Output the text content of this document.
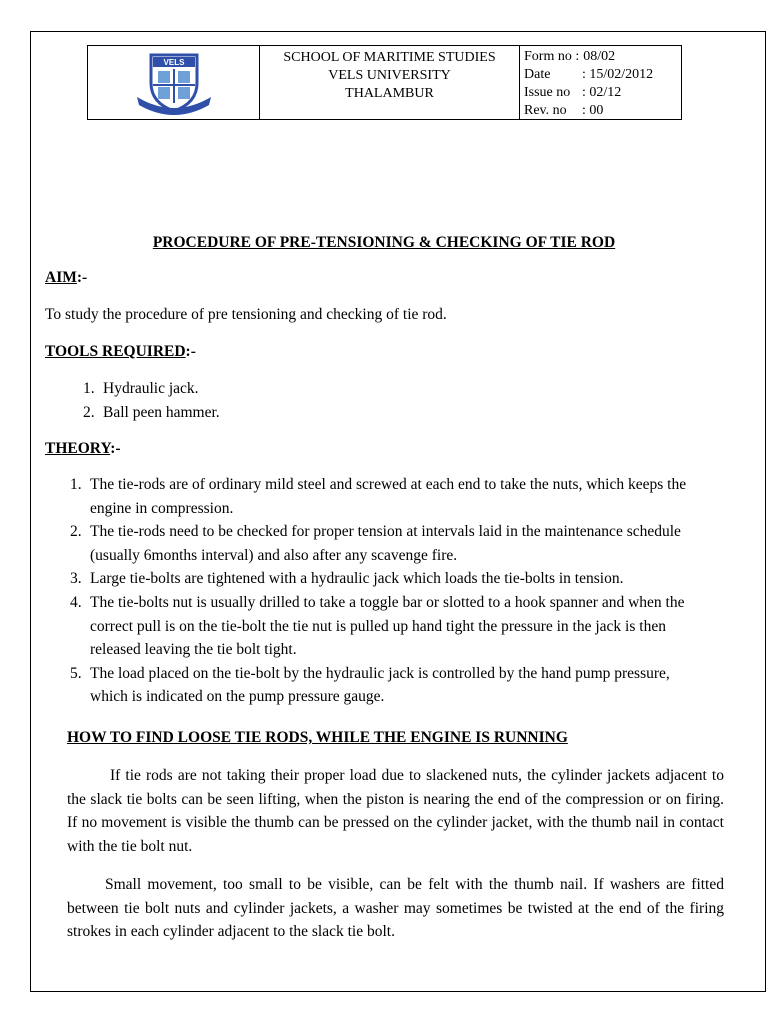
VELS	SCHOOL OF MARITIME STUDIES
VELS UNIVERSITY
THALAMBUR
Form no : 08/02
Date	: 15/02/2012
Issue no : 02/12
Rev. no	: 00
PROCEDURE OF PRE-TENSIONING & CHECKING OF TIE ROD
AIM:-
To study the procedure of pre tensioning and checking of tie rod.
TOOLS REQUIRED:-
1. Hydraulic jack.
2. Ball peen hammer.
THEORY:-
1. The tie-rods are of ordinary mild steel and screwed at each end to take the nuts, which keeps the engine in compression.
2. The tie-rods need to be checked for proper tension at intervals laid in the maintenance schedule (usually 6months interval) and also after any scavenge fire.
3. Large tie-bolts are tightened with a hydraulic jack which loads the tie-bolts in tension.
4. The tie-bolts nut is usually drilled to take a toggle bar or slotted to a hook spanner and when the correct pull is on the tie-bolt the tie nut is pulled up hand tight the pressure in the jack is then released leaving the tie bolt tight.
5. The load placed on the tie-bolt by the hydraulic jack is controlled by the hand pump pressure, which is indicated on the pump pressure gauge.
HOW TO FIND LOOSE TIE RODS, WHILE THE ENGINE IS RUNNING
If tie rods are not taking their proper load due to slackened nuts, the cylinder jackets adjacent to the slack tie bolts can be seen lifting, when the piston is nearing the end of the compression or on firing. If no movement is visible the thumb can be pressed on the cylinder jacket, with the thumb nail in contact with the tie bolt nut.
Small movement, too small to be visible, can be felt with the thumb nail. If washers are fitted between tie bolt nuts and cylinder jackets, a washer may sometimes be twisted at the end of the firing strokes in each cylinder adjacent to the slack tie bolt.
